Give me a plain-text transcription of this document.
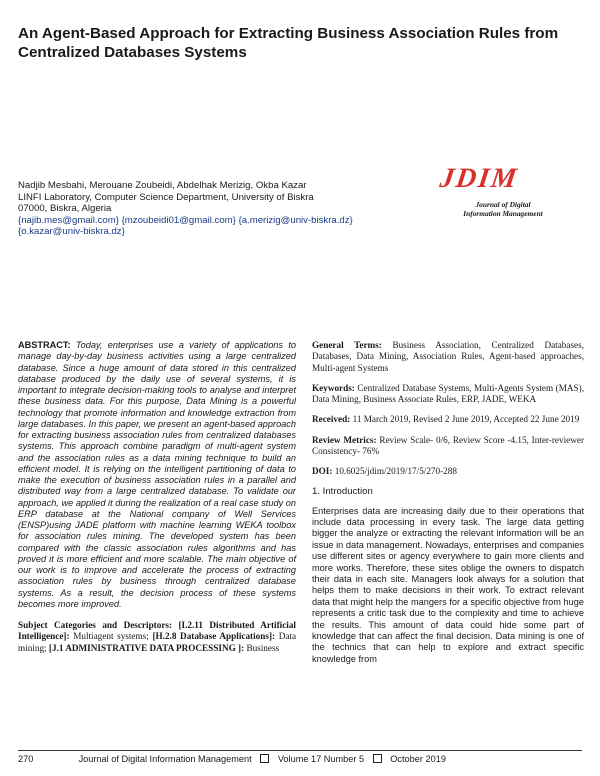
An Agent-Based Approach for Extracting Business Association Rules from Centralized Databases Systems
Nadjib Mesbahi, Merouane Zoubeidi, Abdelhak Merizig, Okba Kazar
LINFI Laboratory, Computer Science Department, University of Biskra
07000, Biskra, Algeria
{najib.mes@gmail.com} {mzoubeidi01@gmail.com} {a.merizig@univ-biskra.dz}
{o.kazar@univ-biskra.dz}
JDIM
Journal of Digital
Information Management

ABSTRACT: Today, enterprises use a variety of applications to manage day-by-day business activities using a large centralized database. Since a huge amount of data stored in this centralized database produced by the daily use of several systems, it is important to integrate decision-making tools to analyse and interpret these business data. For this purpose, Data Mining is a powerful technology that promote information and knowledge extraction from large databases. In this paper, we present an agent-based approach for extracting business association rules from centralized databases systems. This approach combine paradigm of multi-agent system and the association rules as a data mining technique to build an efficient model. It is relying on the intelligent partitioning of data to make the execution of business association rules in a parallel and distributed way from a large centralized database. To validate our approach, we applied it during the realization of a real case study on ERP database at the National company of Well Services (ENSP)using JADE platform with machine learning WEKA toolbox for association rules mining. The developed system has been compared with the classic association rules algorithms and has proved it is more efficient and more scalable. The main objective of our work is to improve and accelerate the process of extracting association rules by business through centralized database systems. As a result, the decision process of these systems becomes more improved.

Subject Categories and Descriptors: [I.2.11 Distributed Artificial Intelligence]: Multiagent systems; [H.2.8 Database Applications]: Data mining; [J.1 ADMINISTRATIVE DATA PROCESSING ]: Business

General Terms: Business Association, Centralized Databases, Databases, Data Mining, Association Rules, Agent-based approaches, Multi-agent Systems

Keywords: Centralized Database Systems, Multi-Agents System (MAS), Data Mining, Business Associate Rules, ERP, JADE, WEKA

Received: 11 March 2019, Revised 2 June 2019, Accepted 22 June 2019

Review Metrics: Review Scale- 0/6, Review Score -4.15, Inter-reviewer Consistency- 76%

DOI: 10.6025/jdim/2019/17/5/270-288

1. Introduction

Enterprises data are increasing daily due to their operations that include data processing in every task. The large data getting bigger the analyze or extracting the relevant information will be an issue in data management. Nowadays, enterprises and companies use different sites or agency everywhere to gain more clients and more works. Therefore, these sites oblige the owners to dispatch their data in each site. Managers look always for a solution that helps them to make decisions in their work. To extract relevant data that might help the mangers for a specific objective from huge represents a critic task due to the complexity and time to achieve the results. This amount of data could hide some part of knowledge that can affect the final decision. Data mining is one of the technics that can help to explore and extract specific knowledge from

270	Journal of Digital Information Management	Volume 17 Number 5	October 2019
